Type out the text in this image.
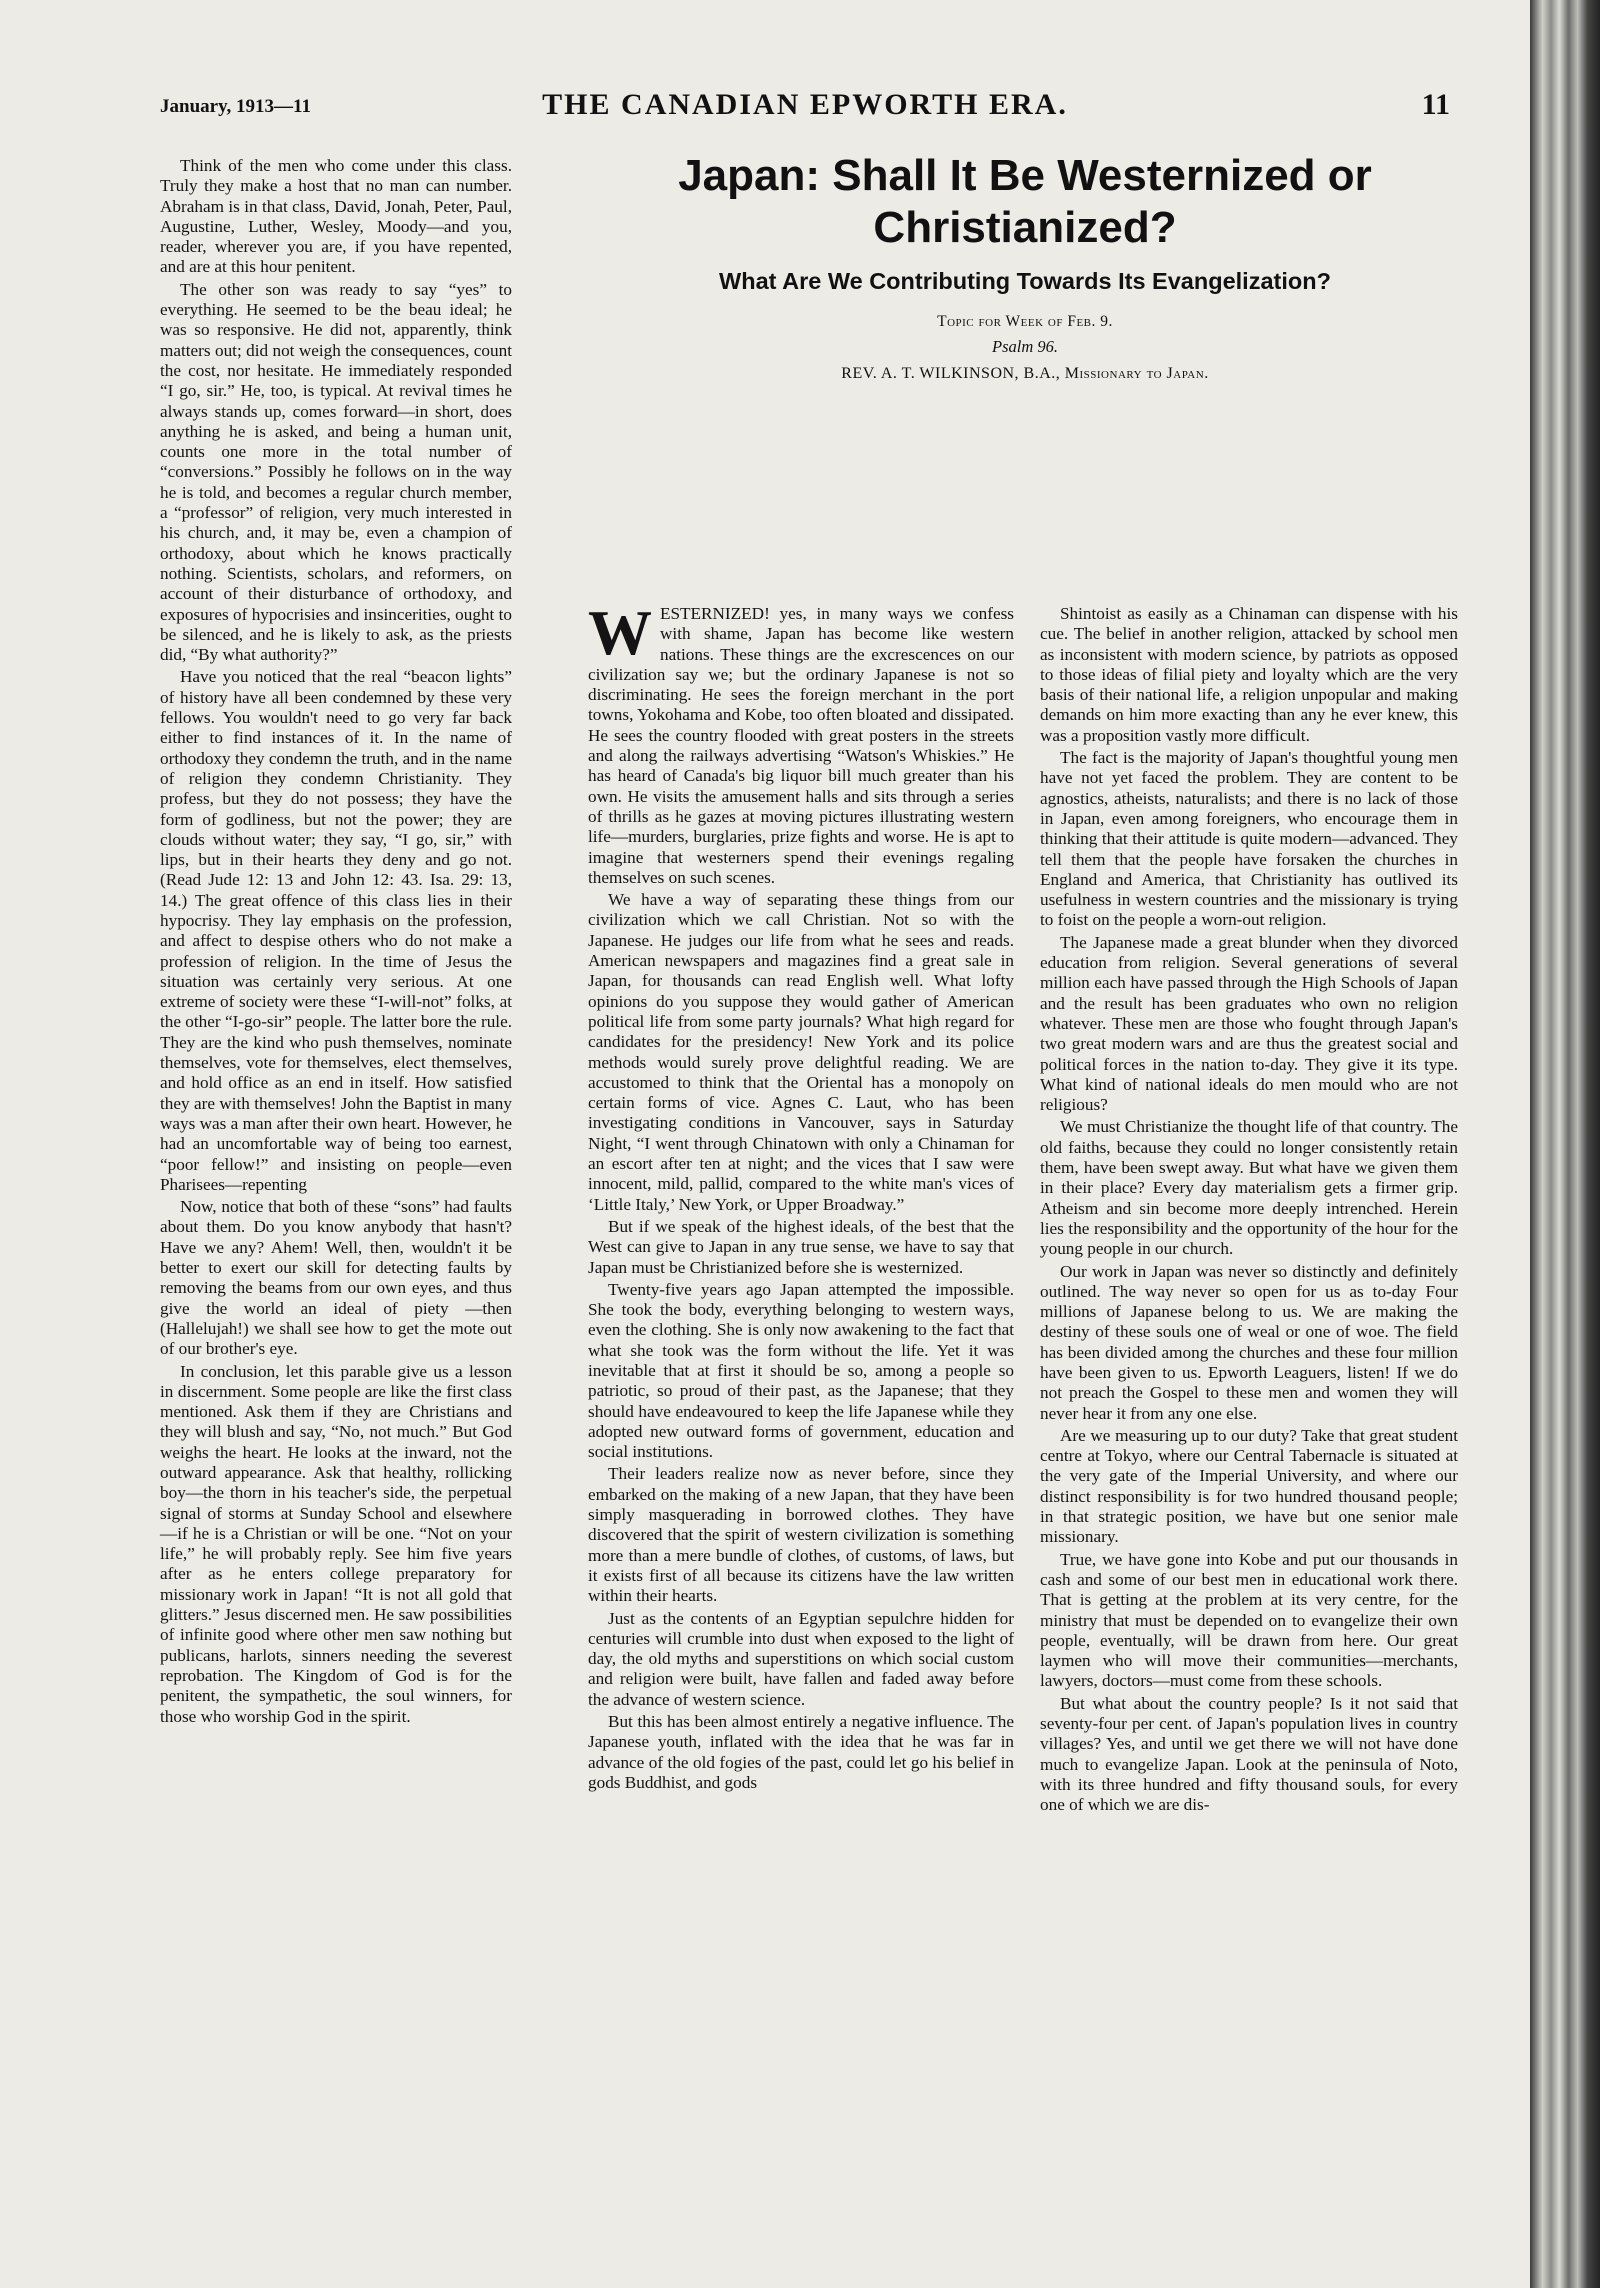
January, 1913—11	THE CANADIAN EPWORTH ERA.	11

Think of the men who come under this class. Truly they make a host that no man can number. Abraham is in that class, David, Jonah, Peter, Paul, Augustine, Luther, Wesley, Moody—and you, reader, wherever you are, if you have repented, and are at this hour penitent.

The other son was ready to say “yes” to everything. He seemed to be the beau ideal; he was so responsive. He did not, apparently, think matters out; did not weigh the consequences, count the cost, nor hesitate. He immediately responded “I go, sir.” He, too, is typical. At revival times he always stands up, comes forward—in short, does anything he is asked, and being a human unit, counts one more in the total number of “conversions.” Possibly he follows on in the way he is told, and becomes a regular church member, a “professor” of religion, very much interested in his church, and, it may be, even a champion of orthodoxy, about which he knows practically nothing. Scientists, scholars, and reformers, on account of their disturbance of orthodoxy, and exposures of hypocrisies and insincerities, ought to be silenced, and he is likely to ask, as the priests did, “By what authority?”

Have you noticed that the real “beacon lights” of history have all been condemned by these very fellows. You wouldn't need to go very far back either to find instances of it. In the name of orthodoxy they condemn the truth, and in the name of religion they condemn Christianity. They profess, but they do not possess; they have the form of godliness, but not the power; they are clouds without water; they say, “I go, sir,” with lips, but in their hearts they deny and go not. (Read Jude 12: 13 and John 12: 43. Isa. 29: 13, 14.) The great offence of this class lies in their hypocrisy. They lay emphasis on the profession, and affect to despise others who do not make a profession of religion. In the time of Jesus the situation was certainly very serious. At one extreme of society were these “I-will-not” folks, at the other “I-go-sir” people. The latter bore the rule. They are the kind who push themselves, nominate themselves, vote for themselves, elect themselves, and hold office as an end in itself. How satisfied they are with themselves! John the Baptist in many ways was a man after their own heart. However, he had an uncomfortable way of being too earnest, “poor fellow!” and insisting on people—even Pharisees—repenting

Now, notice that both of these “sons” had faults about them. Do you know anybody that hasn't? Have we any? Ahem! Well, then, wouldn't it be better to exert our skill for detecting faults by removing the beams from our own eyes, and thus give the world an ideal of piety —then (Hallelujah!) we shall see how to get the mote out of our brother's eye.

In conclusion, let this parable give us a lesson in discernment. Some people are like the first class mentioned. Ask them if they are Christians and they will blush and say, “No, not much.” But God weighs the heart. He looks at the inward, not the outward appearance. Ask that healthy, rollicking boy—the thorn in his teacher's side, the perpetual signal of storms at Sunday School and elsewhere—if he is a Christian or will be one. “Not on your life,” he will probably reply. See him five years after as he enters college preparatory for missionary work in Japan! “It is not all gold that glitters.” Jesus discerned men. He saw possibilities of infinite good where other men saw nothing but publicans, harlots, sinners needing the severest reprobation. The Kingdom of God is for the penitent, the sympathetic, the soul winners, for those who worship God in the spirit.

Japan: Shall It Be Westernized or
Christianized?
What Are We Contributing Towards Its Evangelization?
Topic for Week of Feb. 9.
Psalm 96.
REV. A. T. WILKINSON, B.A., Missionary to Japan.

WESTERNIZED! yes, in many ways we confess with shame, Japan has become like western nations. These things are the excrescences on our civilization say we; but the ordinary Japanese is not so discriminating. He sees the foreign merchant in the port towns, Yokohama and Kobe, too often bloated and dissipated. He sees the country flooded with great posters in the streets and along the railways advertising “Watson's Whiskies.” He has heard of Canada's big liquor bill much greater than his own. He visits the amusement halls and sits through a series of thrills as he gazes at moving pictures illustrating western life—murders, burglaries, prize fights and worse. He is apt to imagine that westerners spend their evenings regaling themselves on such scenes.

We have a way of separating these things from our civilization which we call Christian. Not so with the Japanese. He judges our life from what he sees and reads. American newspapers and magazines find a great sale in Japan, for thousands can read English well. What lofty opinions do you suppose they would gather of American political life from some party journals? What high regard for candidates for the presidency! New York and its police methods would surely prove delightful reading. We are accustomed to think that the Oriental has a monopoly on certain forms of vice. Agnes C. Laut, who has been investigating conditions in Vancouver, says in Saturday Night, “I went through Chinatown with only a Chinaman for an escort after ten at night; and the vices that I saw were innocent, mild, pallid, compared to the white man's vices of ‘Little Italy,’ New York, or Upper Broadway.”

But if we speak of the highest ideals, of the best that the West can give to Japan in any true sense, we have to say that Japan must be Christianized before she is westernized.

Twenty-five years ago Japan attempted the impossible. She took the body, everything belonging to western ways, even the clothing. She is only now awakening to the fact that what she took was the form without the life. Yet it was inevitable that at first it should be so, among a people so patriotic, so proud of their past, as the Japanese; that they should have endeavoured to keep the life Japanese while they adopted new outward forms of government, education and social institutions.

Their leaders realize now as never before, since they embarked on the making of a new Japan, that they have been simply masquerading in borrowed clothes. They have discovered that the spirit of western civilization is something more than a mere bundle of clothes, of customs, of laws, but it exists first of all because its citizens have the law written within their hearts.

Just as the contents of an Egyptian sepulchre hidden for centuries will crumble into dust when exposed to the light of day, the old myths and superstitions on which social custom and religion were built, have fallen and faded away before the advance of western science.

But this has been almost entirely a negative influence. The Japanese youth, inflated with the idea that he was far in advance of the old fogies of the past, could let go his belief in gods Buddhist, and gods

Shintoist as easily as a Chinaman can dispense with his cue. The belief in another religion, attacked by school men as inconsistent with modern science, by patriots as opposed to those ideas of filial piety and loyalty which are the very basis of their national life, a religion unpopular and making demands on him more exacting than any he ever knew, this was a proposition vastly more difficult.

The fact is the majority of Japan's thoughtful young men have not yet faced the problem. They are content to be agnostics, atheists, naturalists; and there is no lack of those in Japan, even among foreigners, who encourage them in thinking that their attitude is quite modern—advanced. They tell them that the people have forsaken the churches in England and America, that Christianity has outlived its usefulness in western countries and the missionary is trying to foist on the people a worn-out religion.

The Japanese made a great blunder when they divorced education from religion. Several generations of several million each have passed through the High Schools of Japan and the result has been graduates who own no religion whatever. These men are those who fought through Japan's two great modern wars and are thus the greatest social and political forces in the nation to-day. They give it its type. What kind of national ideals do men mould who are not religious?

We must Christianize the thought life of that country. The old faiths, because they could no longer consistently retain them, have been swept away. But what have we given them in their place? Every day materialism gets a firmer grip. Atheism and sin become more deeply intrenched. Herein lies the responsibility and the opportunity of the hour for the young people in our church.

Our work in Japan was never so distinctly and definitely outlined. The way never so open for us as to-day Four millions of Japanese belong to us. We are making the destiny of these souls one of weal or one of woe. The field has been divided among the churches and these four million have been given to us. Epworth Leaguers, listen! If we do not preach the Gospel to these men and women they will never hear it from any one else.

Are we measuring up to our duty? Take that great student centre at Tokyo, where our Central Tabernacle is situated at the very gate of the Imperial University, and where our distinct responsibility is for two hundred thousand people; in that strategic position, we have but one senior male missionary.

True, we have gone into Kobe and put our thousands in cash and some of our best men in educational work there. That is getting at the problem at its very centre, for the ministry that must be depended on to evangelize their own people, eventually, will be drawn from here. Our great laymen who will move their communities—merchants, lawyers, doctors—must come from these schools.

But what about the country people? Is it not said that seventy-four per cent. of Japan's population lives in country villages? Yes, and until we get there we will not have done much to evangelize Japan. Look at the peninsula of Noto, with its three hundred and fifty thousand souls, for every one of which we are dis-
